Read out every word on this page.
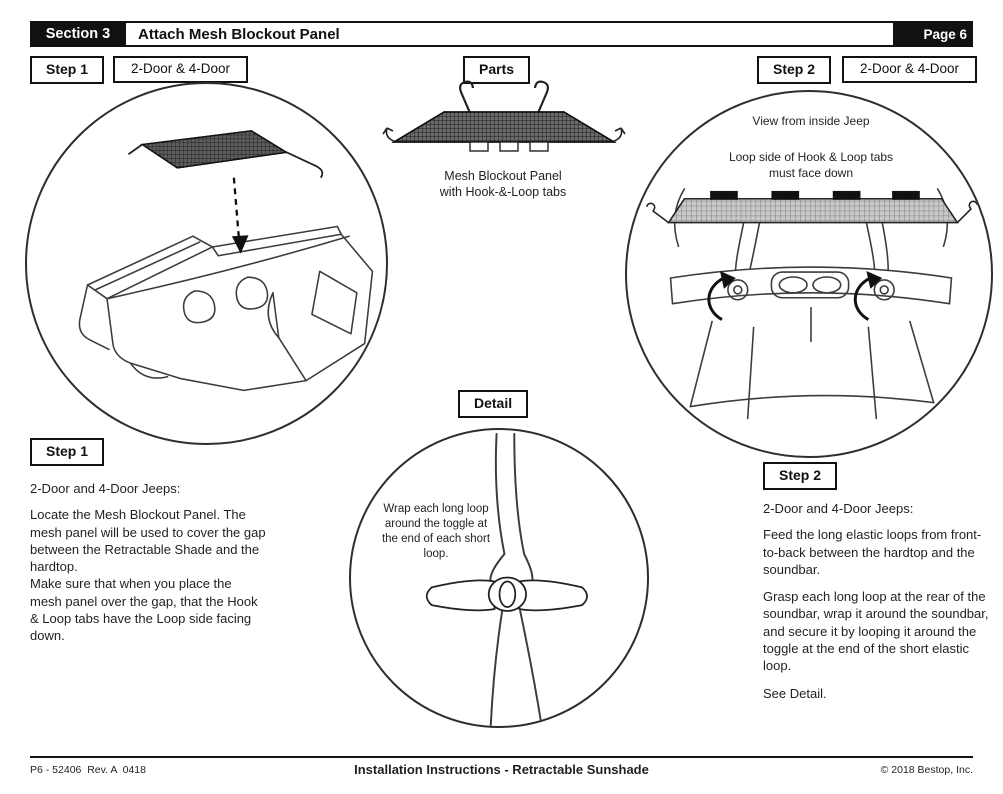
Section 3	Attach Mesh Blockout Panel	Page 6
Step 1	2-Door & 4-Door	Parts	Step 2	2-Door & 4-Door
Mesh Blockout Panel
with Hook-&-Loop tabs
Step 1
2-Door and 4-Door Jeeps:
Locate the Mesh Blockout Panel. The mesh panel will be used to cover the gap between the Retractable Shade and the hardtop.
Make sure that when you place the mesh panel over the gap, that the Hook & Loop tabs have the Loop side facing down.
Detail
Wrap each long loop around the toggle at the end of each short loop.
View from inside Jeep
Loop side of Hook & Loop tabs must face down
Step 2
2-Door and 4-Door Jeeps:
Feed the long elastic loops from front-to-back between the hardtop and the soundbar.
Grasp each long loop at the rear of the soundbar, wrap it around the soundbar, and secure it by looping it around the toggle at the end of the short elastic loop.
See Detail.
P6 - 52406  Rev. A  0418	Installation Instructions - Retractable Sunshade	© 2018 Bestop, Inc.
